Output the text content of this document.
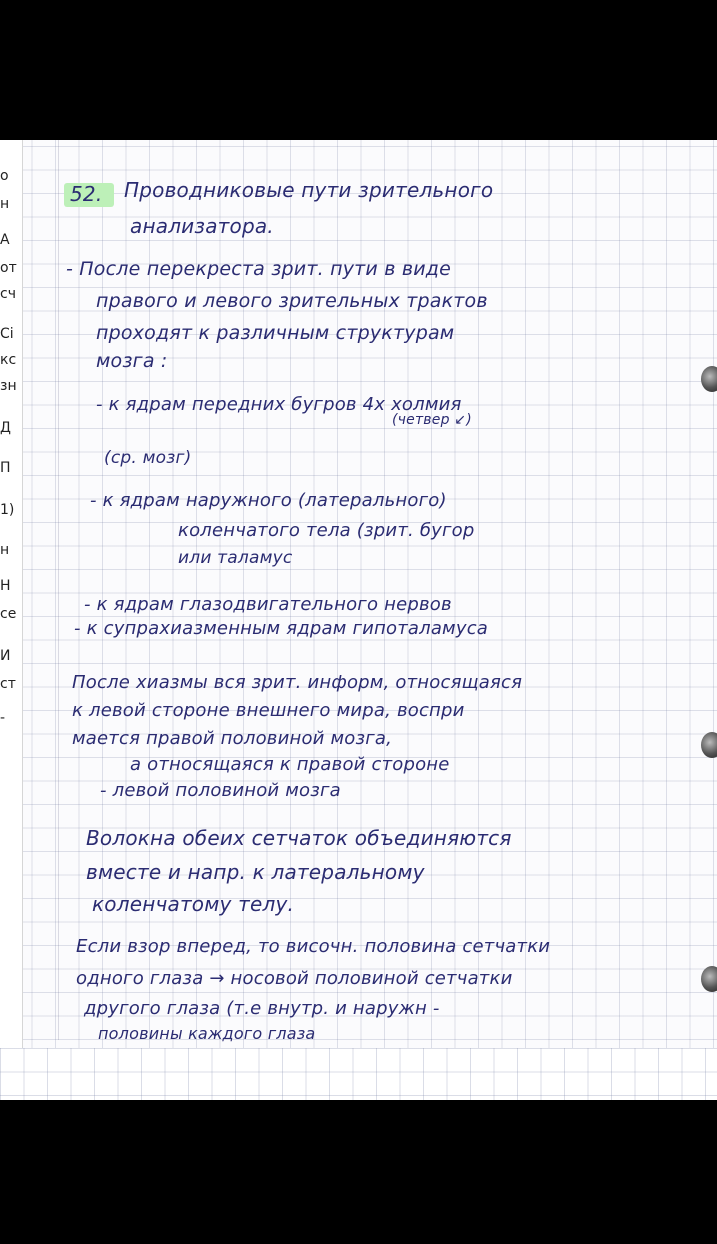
о
н
А
от
сч
Сі
кс
зн
Д
П
1)
н
Н
се
И
ст
-
52. Проводниковые пути зрительного
анализатора.
- После перекреста зрит. пути в виде
правого и левого зрительных трактов
проходят к различным структурам
мозга :
- к ядрам передних бугров 4х холмия
(четвер ↙)
(ср. мозг)
- к ядрам наружного (латерального)
коленчатого тела (зрит. бугор
или таламус
- к ядрам глазодвигательного нервов
- к супрахиазменным ядрам гипоталамуса
После хиазмы вся зрит. информ, относящаяся
к левой стороне внешнего мира, воспри
мается правой половиной мозга,
а относящаяся к правой стороне
- левой половиной мозга
Волокна обеих сетчаток объединяются
вместе и напр. к латеральному
коленчатому телу.
Если взор вперед, то височн. половина сетчатки
одного глаза → носовой половиной сетчатки
другого глаза (т.е внутр. и наружн -
половины каждого глаза
